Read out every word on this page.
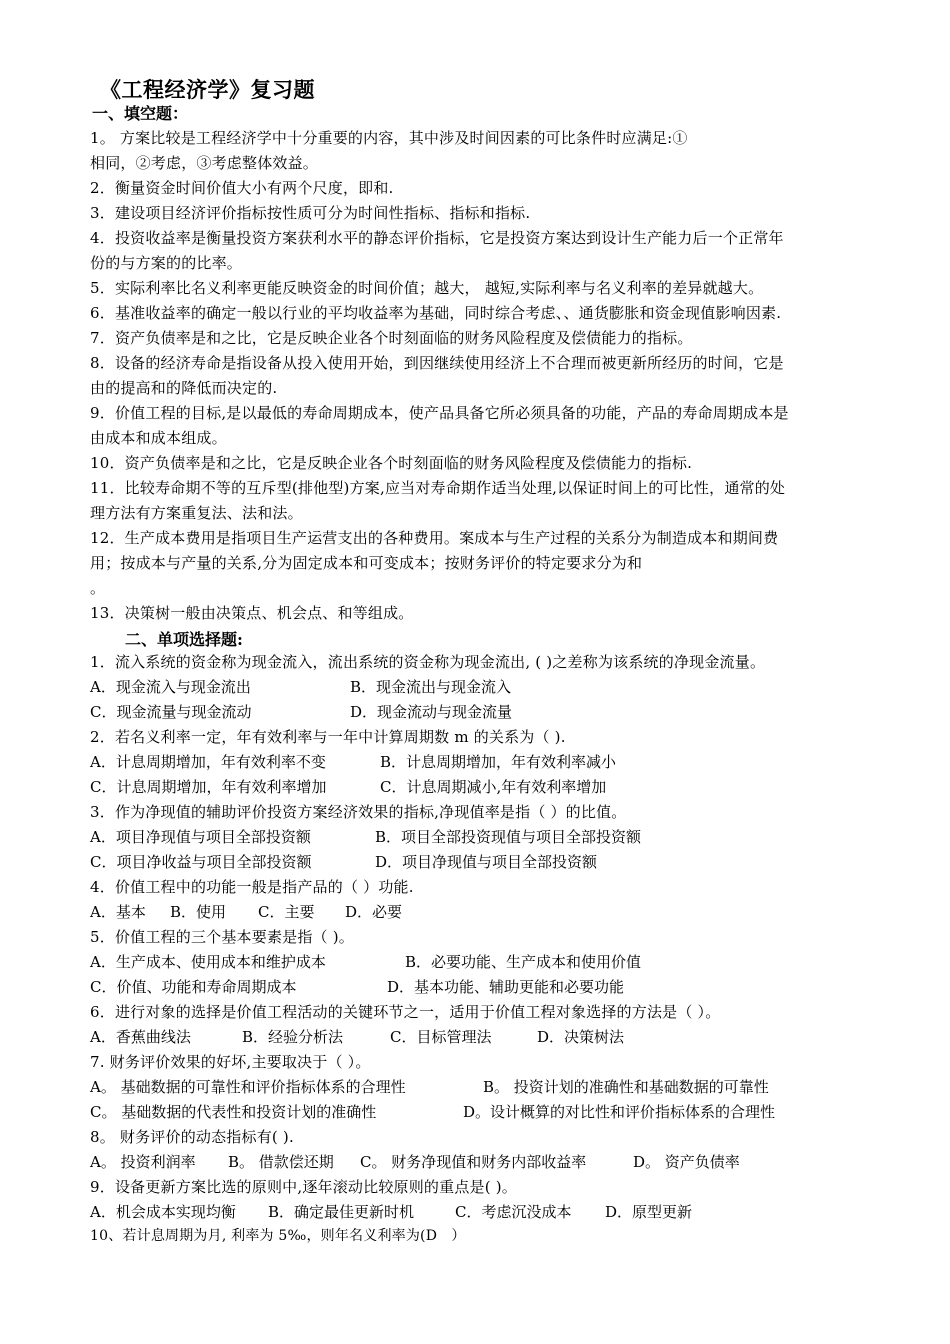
《工程经济学》复习题
一、填空题：
1。 方案比较是工程经济学中十分重要的内容，其中涉及时间因素的可比条件时应满足:①
相同，②考虑，③考虑整体效益。
2．衡量资金时间价值大小有两个尺度，即和.
3．建设项目经济评价指标按性质可分为时间性指标、指标和指标.
4．投资收益率是衡量投资方案获利水平的静态评价指标，它是投资方案达到设计生产能力后一个正常年
份的与方案的的比率。
5．实际利率比名义利率更能反映资金的时间价值；越大， 越短,实际利率与名义利率的差异就越大。
6．基准收益率的确定一般以行业的平均收益率为基础，同时综合考虑、、通货膨胀和资金现值影响因素.
7．资产负债率是和之比，它是反映企业各个时刻面临的财务风险程度及偿债能力的指标。
8．设备的经济寿命是指设备从投入使用开始，到因继续使用经济上不合理而被更新所经历的时间，它是
由的提高和的降低而决定的.
9．价值工程的目标,是以最低的寿命周期成本，使产品具备它所必须具备的功能，产品的寿命周期成本是
由成本和成本组成。
10．资产负债率是和之比，它是反映企业各个时刻面临的财务风险程度及偿债能力的指标.
11．比较寿命期不等的互斥型(排他型)方案,应当对寿命期作适当处理,以保证时间上的可比性，通常的处
理方法有方案重复法、法和法。
12．生产成本费用是指项目生产运营支出的各种费用。案成本与生产过程的关系分为制造成本和期间费
用；按成本与产量的关系,分为固定成本和可变成本；按财务评价的特定要求分为和
。
13．决策树一般由决策点、机会点、和等组成。
二、单项选择题:
1．流入系统的资金称为现金流入，流出系统的资金称为现金流出, ( )之差称为该系统的净现金流量。
A．现金流入与现金流出	B．现金流出与现金流入
C．现金流量与现金流动	D．现金流动与现金流量
2．若名义利率一定，年有效利率与一年中计算周期数 m 的关系为（ ).
A．计息周期增加，年有效利率不变	B．计息周期增加，年有效利率减小
C．计息周期增加，年有效利率增加	C．计息周期减小,年有效利率增加
3．作为净现值的辅助评价投资方案经济效果的指标,净现值率是指（ ）的比值。
A．项目净现值与项目全部投资额	B．项目全部投资现值与项目全部投资额
C．项目净收益与项目全部投资额	D．项目净现值与项目全部投资额
4．价值工程中的功能一般是指产品的（ ）功能.
A．基本 B．使用 C．主要 D．必要
5．价值工程的三个基本要素是指（ )。
A．生产成本、使用成本和维护成本	B．必要功能、生产成本和使用价值
C．价值、功能和寿命周期成本	D．基本功能、辅助更能和必要功能
6．进行对象的选择是价值工程活动的关键环节之一，适用于价值工程对象选择的方法是（ ）。
A．香蕉曲线法	B．经验分析法	C．目标管理法	D．决策树法
7. 财务评价效果的好坏,主要取决于（ ）。
A。 基础数据的可靠性和评价指标体系的合理性	B。 投资计划的准确性和基础数据的可靠性
C。 基础数据的代表性和投资计划的准确性	D。设计概算的对比性和评价指标体系的合理性
8。 财务评价的动态指标有( ).
A。 投资利润率 B。 借款偿还期 C。 财务净现值和财务内部收益率	D。 资产负债率
9．设备更新方案比选的原则中,逐年滚动比较原则的重点是( )。
A．机会成本实现均衡 B．确定最佳更新时机	C．考虑沉没成本 D．原型更新
10、若计息周期为月, 利率为 5‰，则年名义利率为(D　）
